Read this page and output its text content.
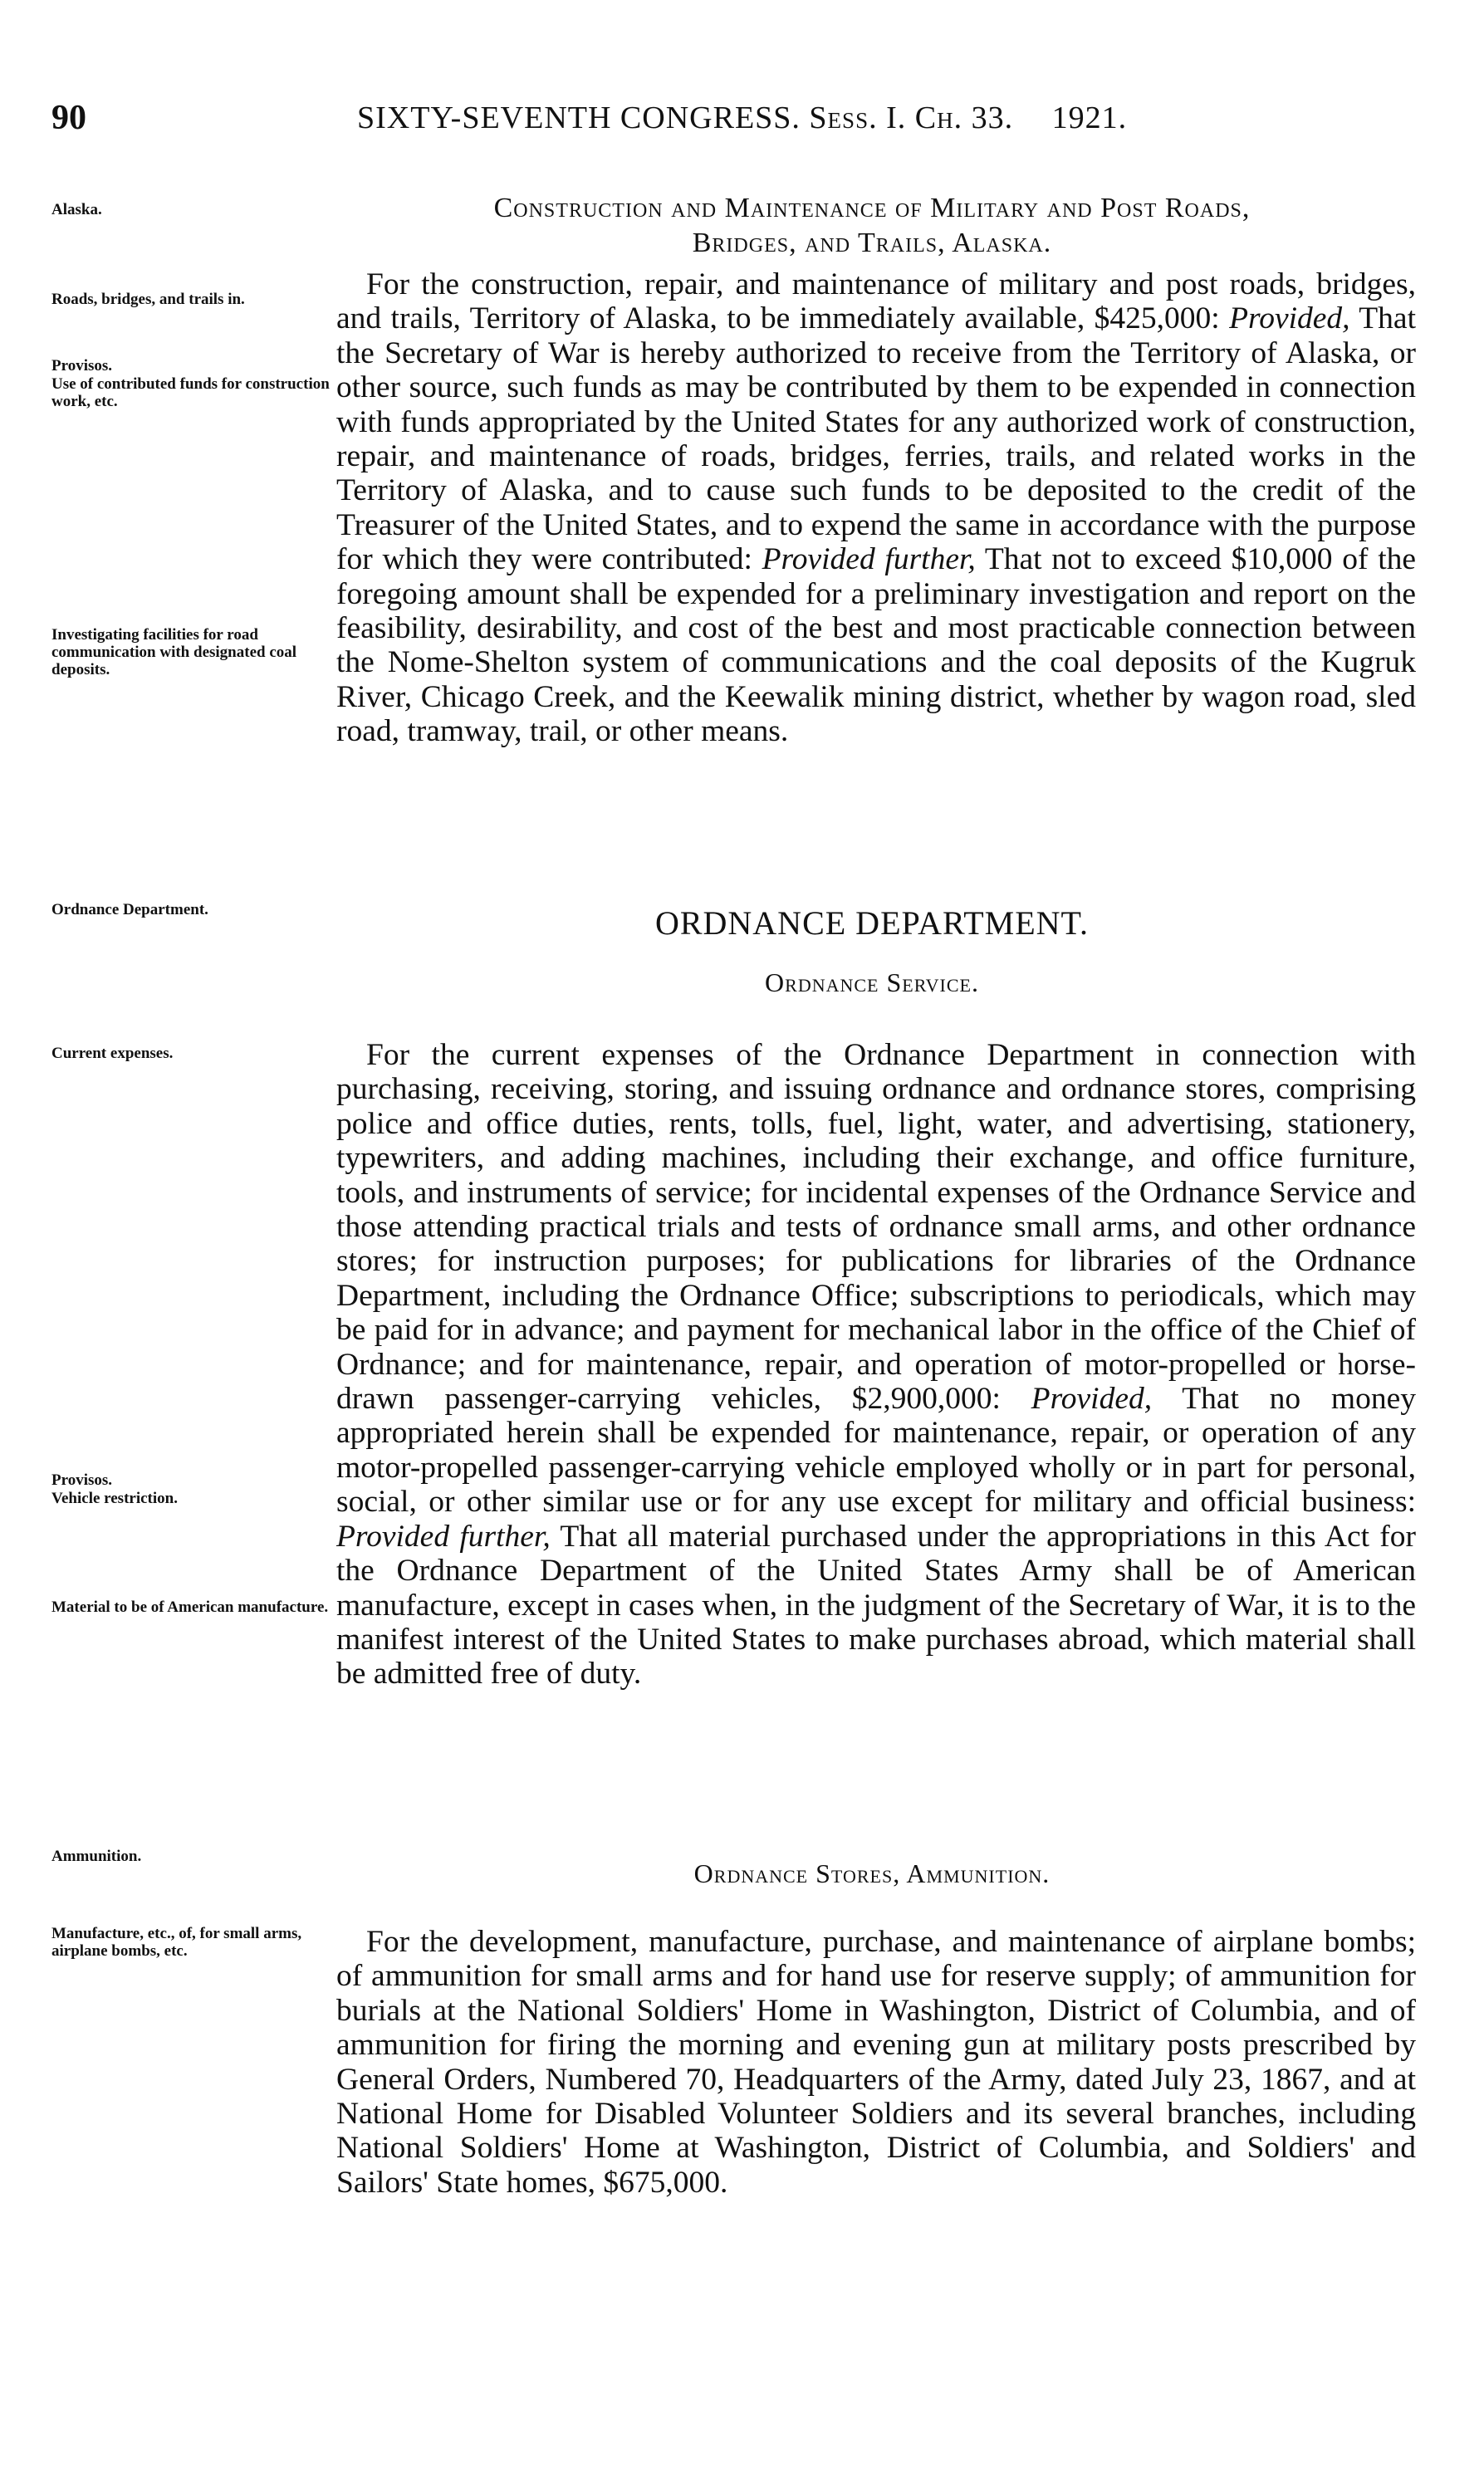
90	SIXTY-SEVENTH CONGRESS. Sess. I. Ch. 33. 1921.
Alaska.	Construction and Maintenance of Military and Post Roads,
Bridges, and Trails, Alaska.
Roads, bridges, and trails in.
Provisos.
Use of contributed funds for construction work, etc.
Investigating facilities for road communication with designated coal deposits.

For the construction, repair, and maintenance of military and post roads, bridges, and trails, Territory of Alaska, to be immediately available, $425,000: Provided, That the Secretary of War is hereby authorized to receive from the Territory of Alaska, or other source, such funds as may be contributed by them to be expended in connection with funds appropriated by the United States for any authorized work of construction, repair, and maintenance of roads, bridges, ferries, trails, and related works in the Territory of Alaska, and to cause such funds to be deposited to the credit of the Treasurer of the United States, and to expend the same in accordance with the purpose for which they were contributed: Provided further, That not to exceed $10,000 of the foregoing amount shall be expended for a preliminary investigation and report on the feasibility, desirability, and cost of the best and most practicable connection between the Nome-Shelton system of communications and the coal deposits of the Kugruk River, Chicago Creek, and the Keewalik mining district, whether by wagon road, sled road, tramway, trail, or other means.

Ordnance Department.	ORDNANCE DEPARTMENT.
Ordnance Service.
Current expenses.
Provisos.
Vehicle restriction.
Material to be of American manufacture.

For the current expenses of the Ordnance Department in connection with purchasing, receiving, storing, and issuing ordnance and ordnance stores, comprising police and office duties, rents, tolls, fuel, light, water, and advertising, stationery, typewriters, and adding machines, including their exchange, and office furniture, tools, and instruments of service; for incidental expenses of the Ordnance Service and those attending practical trials and tests of ordnance small arms, and other ordnance stores; for instruction purposes; for publications for libraries of the Ordnance Department, including the Ordnance Office; subscriptions to periodicals, which may be paid for in advance; and payment for mechanical labor in the office of the Chief of Ordnance; and for maintenance, repair, and operation of motor-propelled or horse-drawn passenger-carrying vehicles, $2,900,000: Provided, That no money appropriated herein shall be expended for maintenance, repair, or operation of any motor-propelled passenger-carrying vehicle employed wholly or in part for personal, social, or other similar use or for any use except for military and official business: Provided further, That all material purchased under the appropriations in this Act for the Ordnance Department of the United States Army shall be of American manufacture, except in cases when, in the judgment of the Secretary of War, it is to the manifest interest of the United States to make purchases abroad, which material shall be admitted free of duty.

Ammunition.
Ordnance Stores, Ammunition.
Manufacture, etc., of, for small arms, airplane bombs, etc.	For the development, manufacture, purchase, and maintenance of airplane bombs; of ammunition for small arms and for hand use for reserve supply; of ammunition for burials at the National Soldiers' Home in Washington, District of Columbia, and of ammunition for firing the morning and evening gun at military posts prescribed by General Orders, Numbered 70, Headquarters of the Army, dated July 23, 1867, and at National Home for Disabled Volunteer Soldiers and its several branches, including National Soldiers' Home at Washington, District of Columbia, and Soldiers' and Sailors' State homes, $675,000.
